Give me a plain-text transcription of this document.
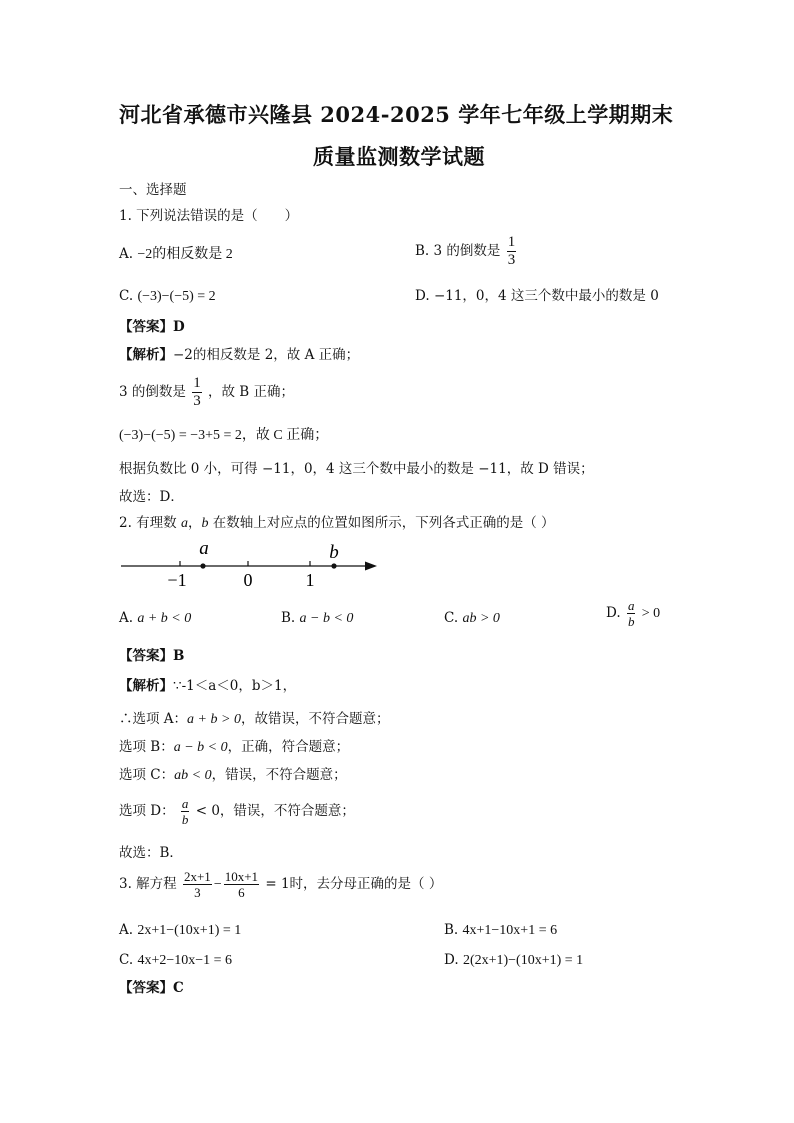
河北省承德市兴隆县 2024-2025 学年七年级上学期期末
质量监测数学试题
一、选择题
1. 下列说法错误的是（　　）
A. −2的相反数是 2	B. 3 的倒数是 $\frac{1}{3}$
C. (−3)−(−5) = 2	D. −11，0，4 这三个数中最小的数是 0
【答案】D
【解析】−2的相反数是 2，故 A 正确；
3 的倒数是 $\frac{1}{3}$ ，故 B 正确；
(−3)−(−5) = −3+5 = 2，故 C 正确；
根据负数比 0 小，可得 −11，0，4 这三个数中最小的数是 −11，故 D 错误；
故选：D．
2. 有理数 a，b 在数轴上对应点的位置如图所示，下列各式正确的是（ ）
a	b
−1	0	1
A. a + b < 0	B. a − b < 0	C. ab > 0	D. $\frac{a}{b} > 0$
【答案】B
【解析】∵-1＜a＜0，b＞1，
∴选项 A：a + b > 0，故错误，不符合题意；
选项 B：a − b < 0，正确，符合题意；
选项 C：ab < 0，错误，不符合题意；
选项 D： $\frac{a}{b} < 0$，错误，不符合题意；
故选：B．
3. 解方程 $\frac{2x+1}{3} - \frac{10x+1}{6} = 1$时，去分母正确的是（ ）
A. 2x+1−(10x+1) = 1	B. 4x+1−10x+1 = 6
C. 4x+2−10x−1 = 6	D. 2(2x+1)−(10x+1) = 1
【答案】C
